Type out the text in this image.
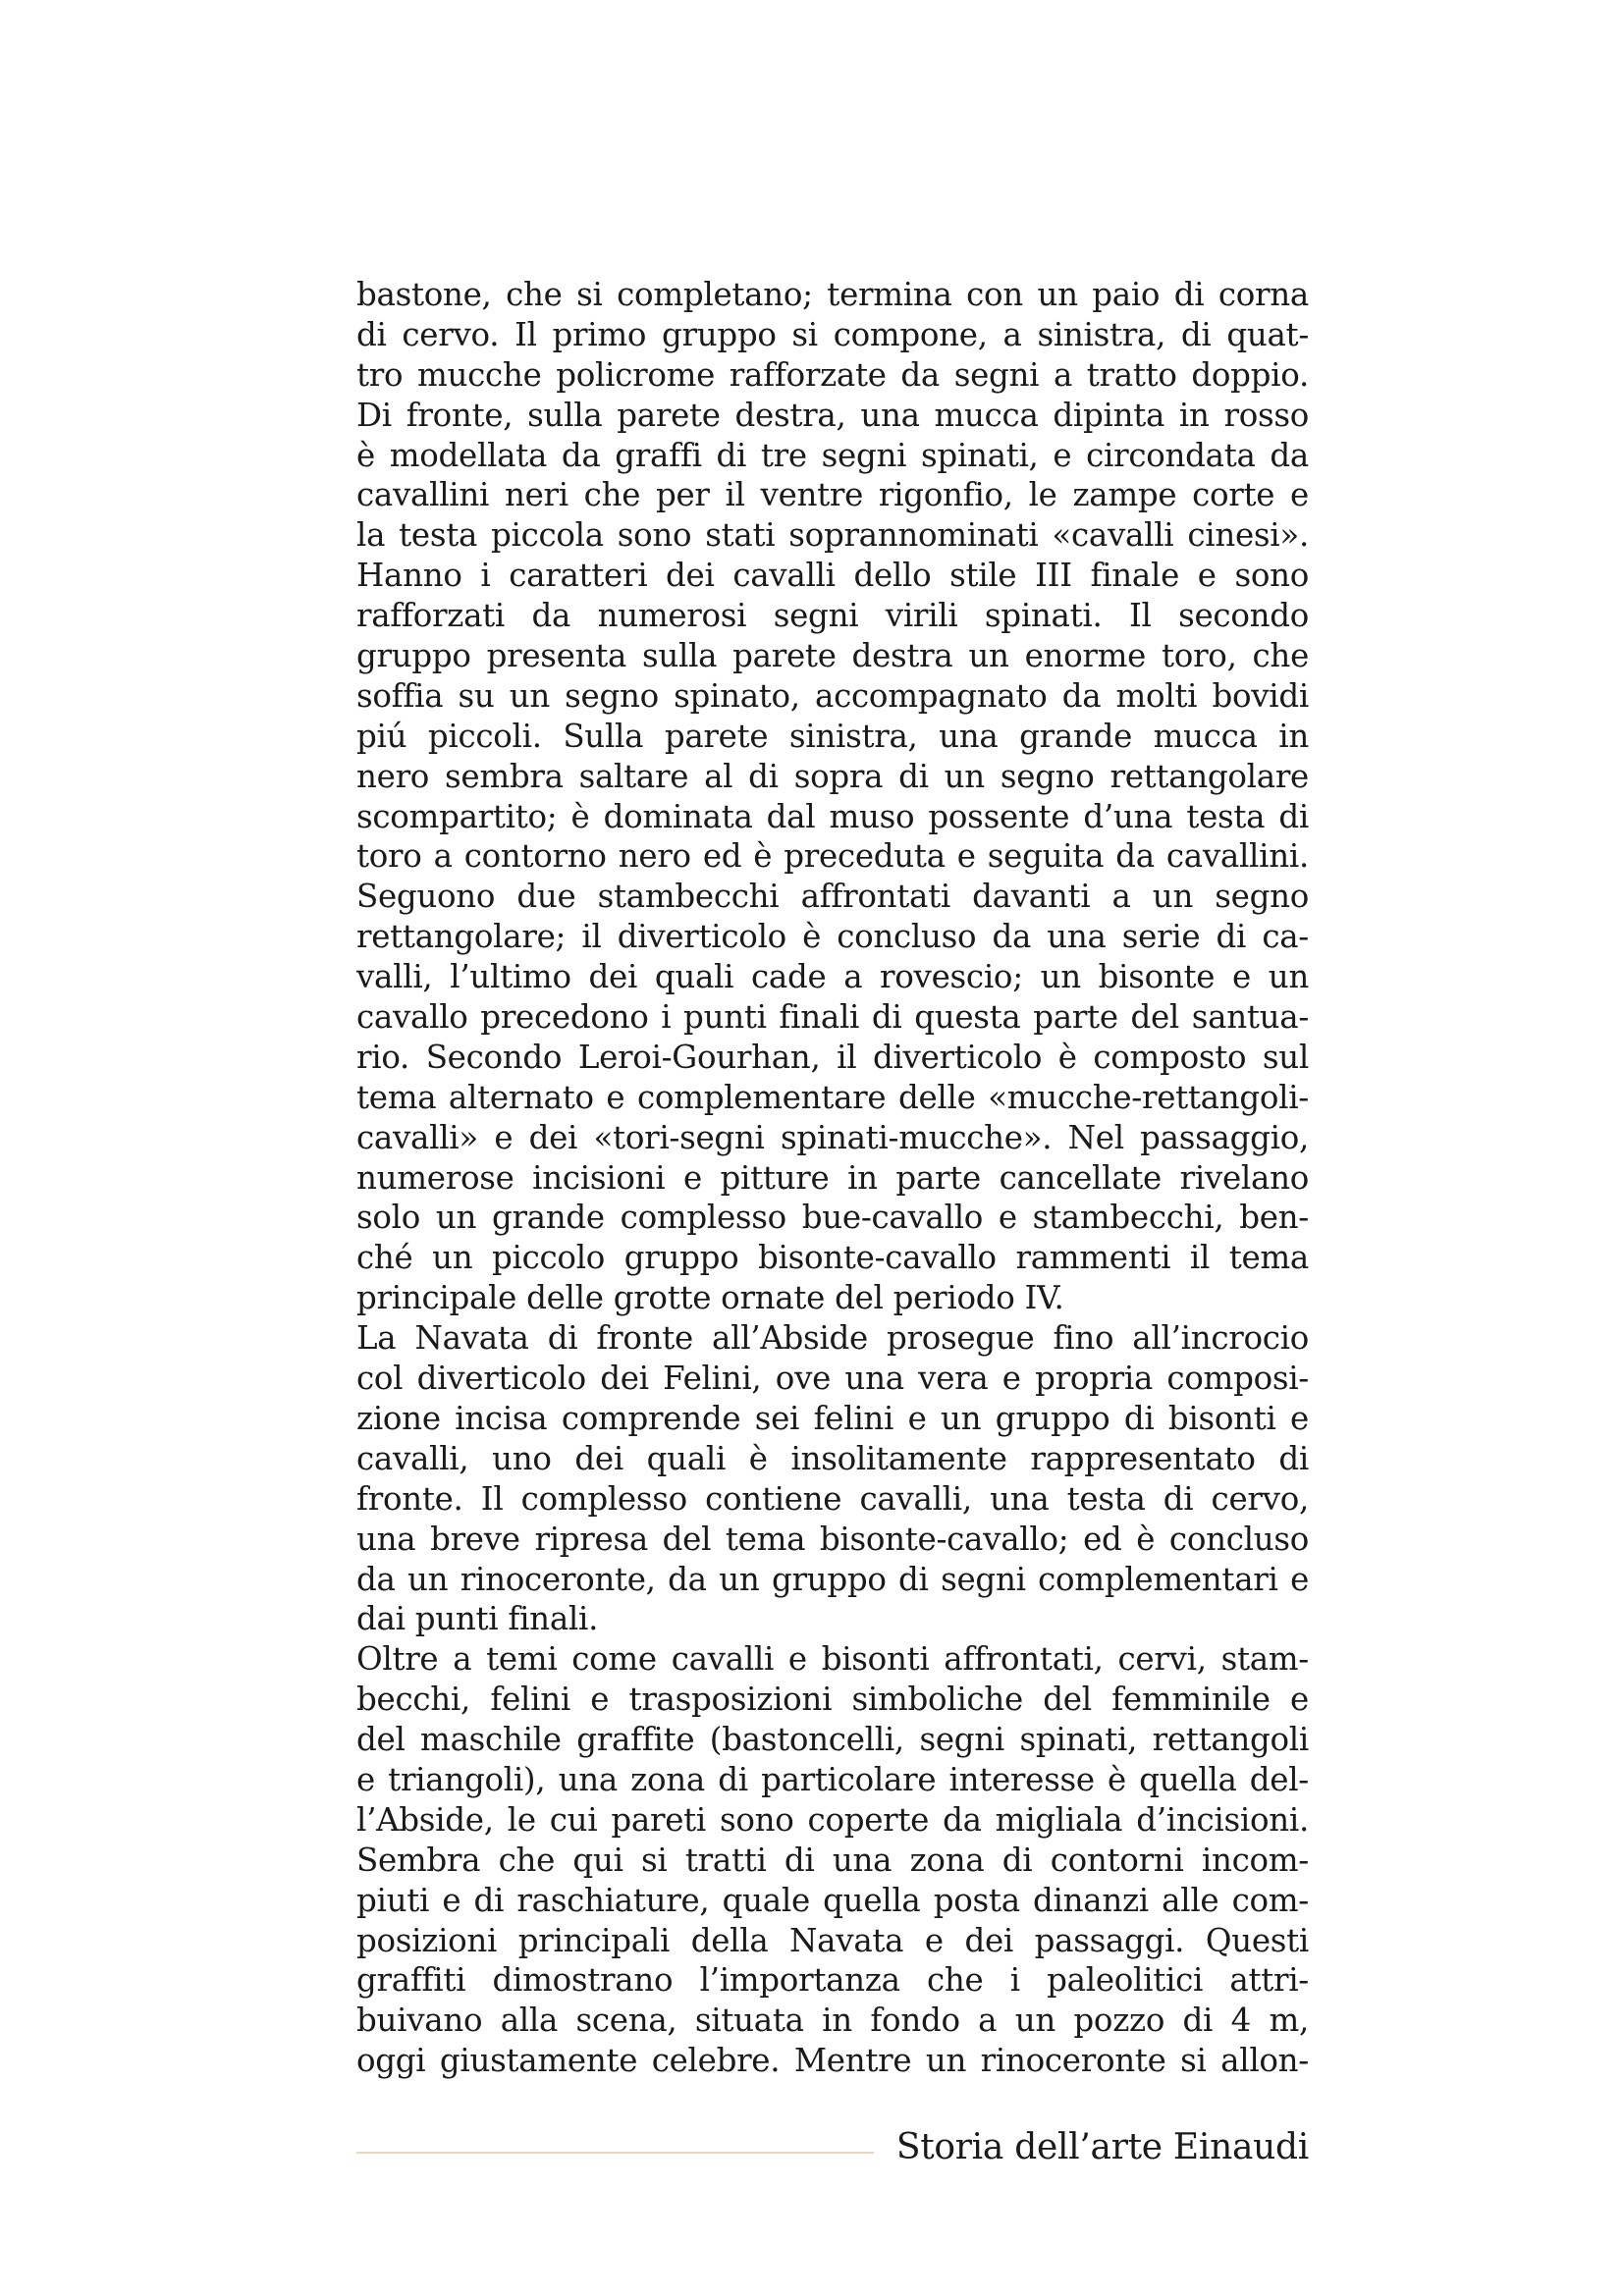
bastone, che si completano; termina con un paio di corna
di cervo. Il primo gruppo si compone, a sinistra, di quat-
tro mucche policrome rafforzate da segni a tratto doppio.
Di fronte, sulla parete destra, una mucca dipinta in rosso
è modellata da graffi di tre segni spinati, e circondata da
cavallini neri che per il ventre rigonfio, le zampe corte e
la testa piccola sono stati soprannominati «cavalli cinesi».
Hanno i caratteri dei cavalli dello stile III finale e sono
rafforzati da numerosi segni virili spinati. Il secondo
gruppo presenta sulla parete destra un enorme toro, che
soffia su un segno spinato, accompagnato da molti bovidi
piú piccoli. Sulla parete sinistra, una grande mucca in
nero sembra saltare al di sopra di un segno rettangolare
scompartito; è dominata dal muso possente d’una testa di
toro a contorno nero ed è preceduta e seguita da cavallini.
Seguono due stambecchi affrontati davanti a un segno
rettangolare; il diverticolo è concluso da una serie di ca-
valli, l’ultimo dei quali cade a rovescio; un bisonte e un
cavallo precedono i punti finali di questa parte del santua-
rio. Secondo Leroi-Gourhan, il diverticolo è composto sul
tema alternato e complementare delle «mucche-rettangoli-
cavalli» e dei «tori-segni spinati-mucche». Nel passaggio,
numerose incisioni e pitture in parte cancellate rivelano
solo un grande complesso bue-cavallo e stambecchi, ben-
ché un piccolo gruppo bisonte-cavallo rammenti il tema
principale delle grotte ornate del periodo IV.
La Navata di fronte all’Abside prosegue fino all’incrocio
col diverticolo dei Felini, ove una vera e propria composi-
zione incisa comprende sei felini e un gruppo di bisonti e
cavalli, uno dei quali è insolitamente rappresentato di
fronte. Il complesso contiene cavalli, una testa di cervo,
una breve ripresa del tema bisonte-cavallo; ed è concluso
da un rinoceronte, da un gruppo di segni complementari e
dai punti finali.
Oltre a temi come cavalli e bisonti affrontati, cervi, stam-
becchi, felini e trasposizioni simboliche del femminile e
del maschile graffite (bastoncelli, segni spinati, rettangoli
e triangoli), una zona di particolare interesse è quella del-
l’Abside, le cui pareti sono coperte da migliala d’incisioni.
Sembra che qui si tratti di una zona di contorni incom-
piuti e di raschiature, quale quella posta dinanzi alle com-
posizioni principali della Navata e dei passaggi. Questi
graffiti dimostrano l’importanza che i paleolitici attri-
buivano alla scena, situata in fondo a un pozzo di 4 m,
oggi giustamente celebre. Mentre un rinoceronte si allon-
Storia dell’arte Einaudi
